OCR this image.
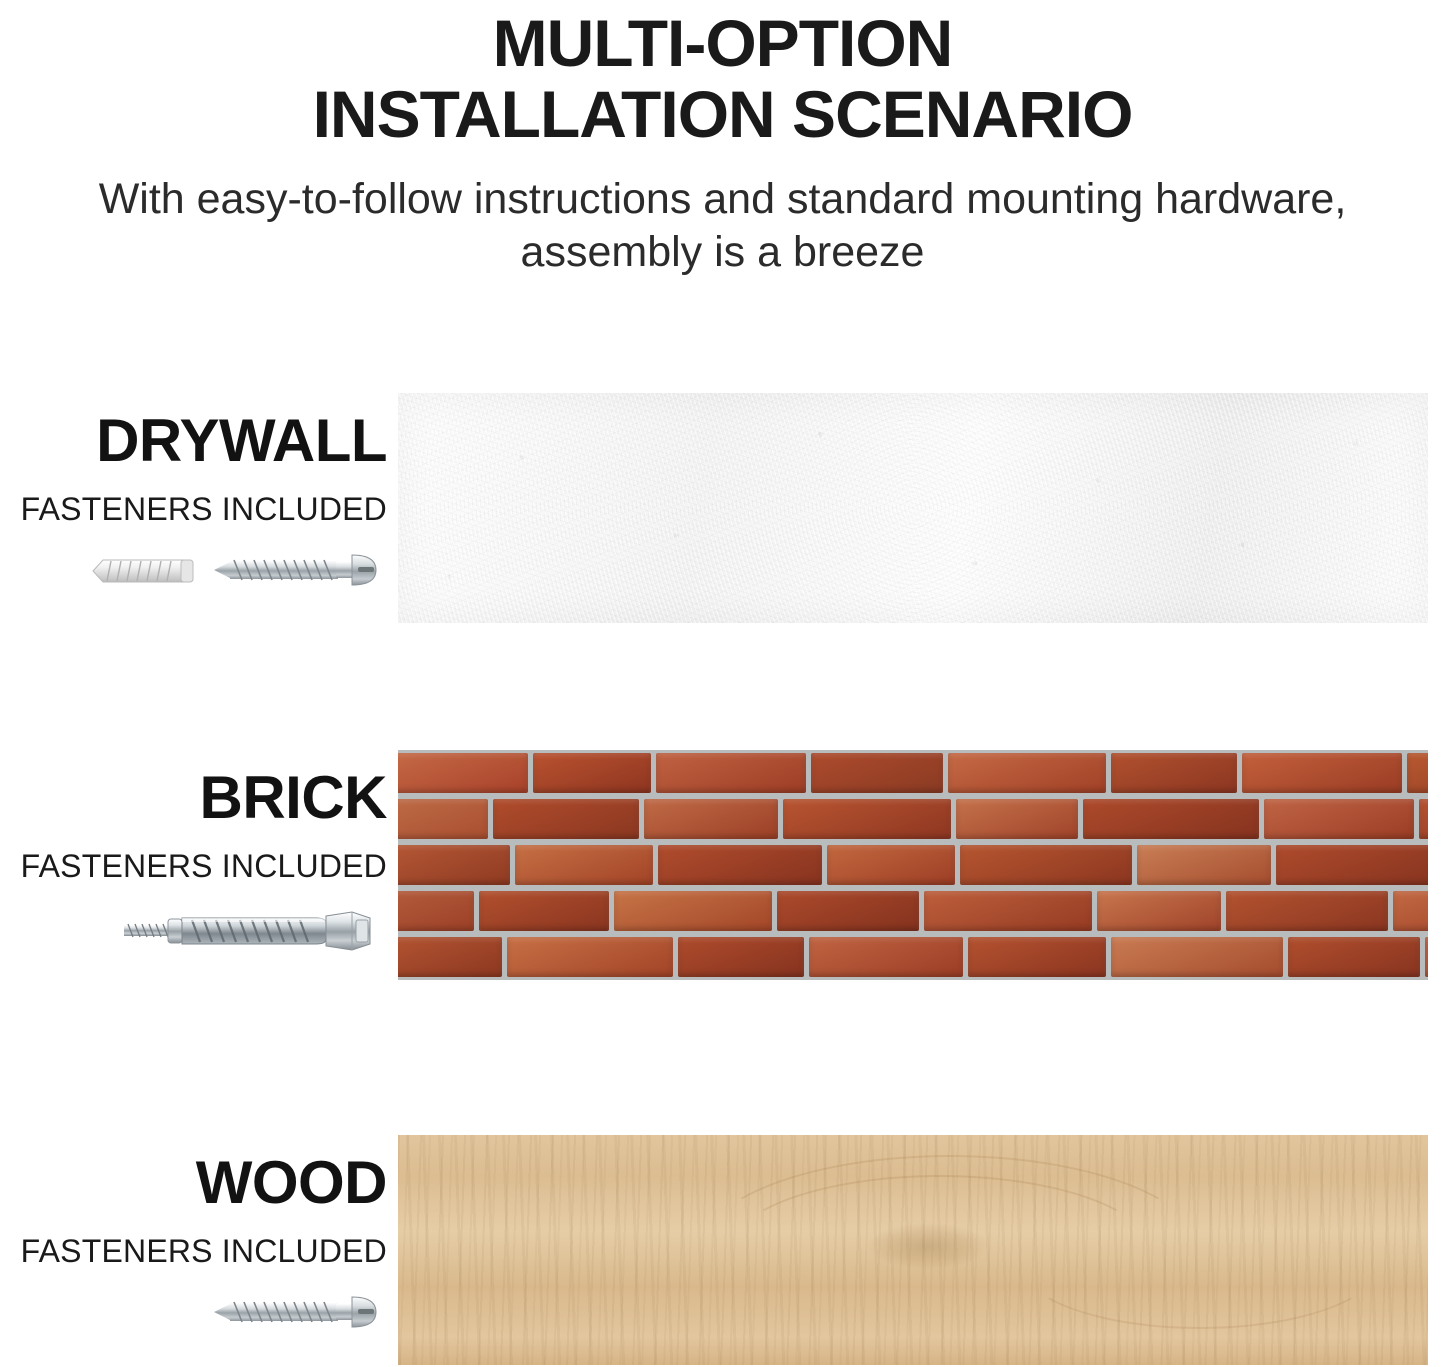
MULTI-OPTION
INSTALLATION SCENARIO
With easy-to-follow instructions and standard mounting hardware, assembly is a breeze
DRYWALL
FASTENERS INCLUDED
BRICK
FASTENERS INCLUDED
WOOD
FASTENERS INCLUDED
